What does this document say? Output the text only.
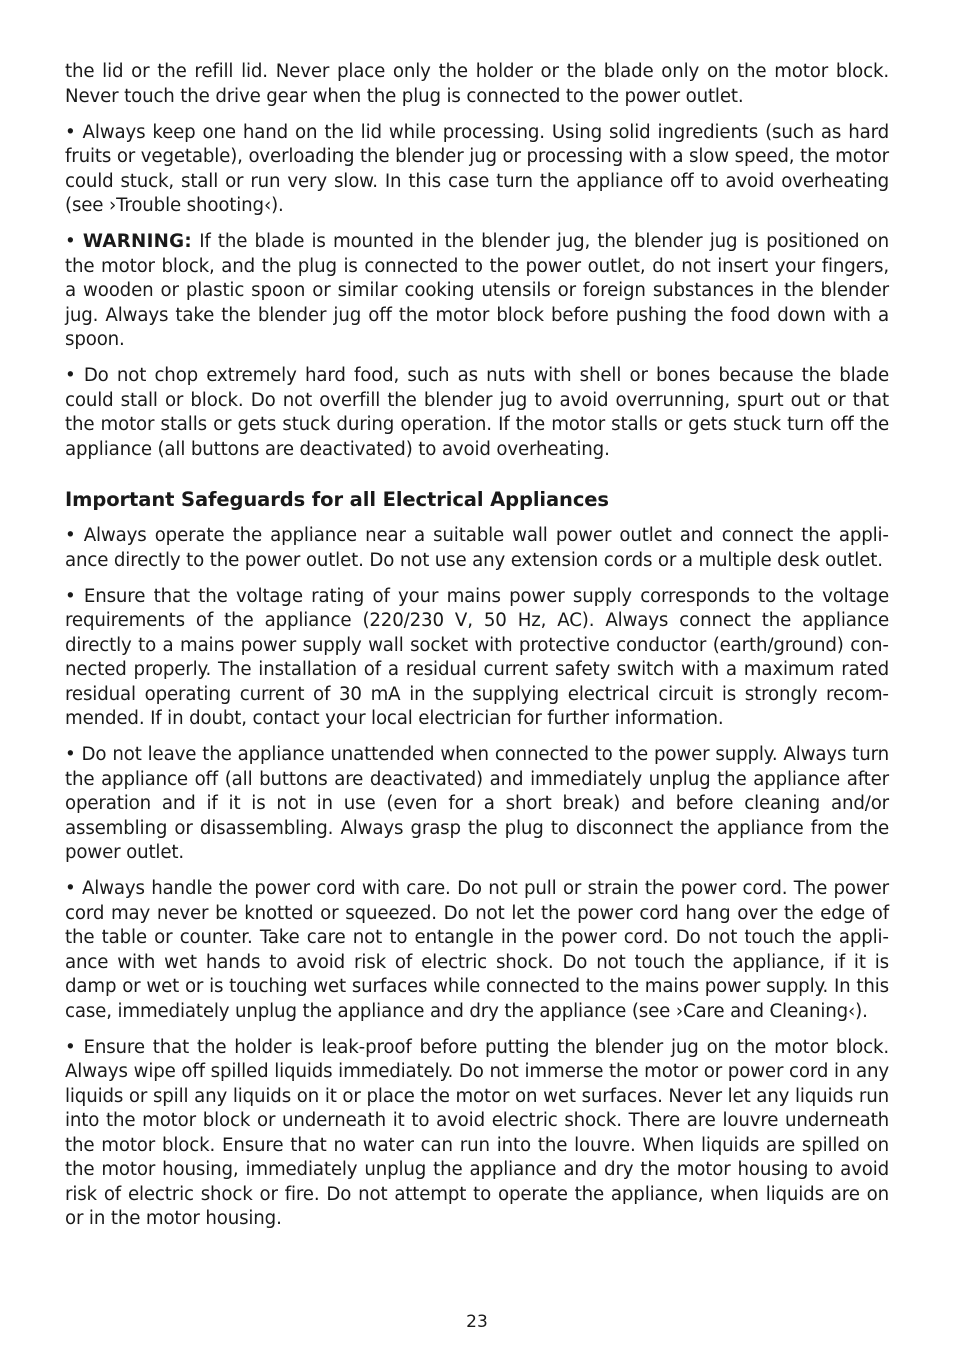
the lid or the refill lid. Never place only the holder or the blade only on the motor block. Never touch the drive gear when the plug is connected to the power outlet.

• Always keep one hand on the lid while processing. Using solid ingredients (such as hard fruits or vegetable), overloading the blender jug or processing with a slow speed, the motor could stuck, stall or run very slow. In this case turn the appliance off to avoid overheating (see ›Trouble shooting‹).

• WARNING: If the blade is mounted in the blender jug, the blender jug is positioned on the motor block, and the plug is connected to the power outlet, do not insert your fingers, a wooden or plastic spoon or similar cooking utensils or foreign substances in the blender jug. Always take the blender jug off the motor block before pushing the food down with a spoon.

• Do not chop extremely hard food, such as nuts with shell or bones because the blade could stall or block. Do not overfill the blender jug to avoid overrunning, spurt out or that the motor stalls or gets stuck during operation. If the motor stalls or gets stuck turn off the appliance (all buttons are deactivated) to avoid overheating.

Important Safeguards for all Electrical Appliances

• Always operate the appliance near a suitable wall power outlet and connect the appliance directly to the power outlet. Do not use any extension cords or a multiple desk outlet.

• Ensure that the voltage rating of your mains power supply corresponds to the voltage requirements of the appliance (220/230 V, 50 Hz, AC). Always connect the appliance directly to a mains power supply wall socket with protective conductor (earth/ground) connected properly. The installation of a residual current safety switch with a maximum rated residual operating current of 30 mA in the supplying electrical circuit is strongly recommended. If in doubt, contact your local electrician for further information.

• Do not leave the appliance unattended when connected to the power supply. Always turn the appliance off (all buttons are deactivated) and immediately unplug the appliance after operation and if it is not in use (even for a short break) and before cleaning and/or assembling or disassembling. Always grasp the plug to disconnect the appliance from the power outlet.

• Always handle the power cord with care. Do not pull or strain the power cord. The power cord may never be knotted or squeezed. Do not let the power cord hang over the edge of the table or counter. Take care not to entangle in the power cord. Do not touch the appliance with wet hands to avoid risk of electric shock. Do not touch the appliance, if it is damp or wet or is touching wet surfaces while connected to the mains power supply. In this case, immediately unplug the appliance and dry the appliance (see ›Care and Cleaning‹).

• Ensure that the holder is leak-proof before putting the blender jug on the motor block. Always wipe off spilled liquids immediately. Do not immerse the motor or power cord in any liquids or spill any liquids on it or place the motor on wet surfaces. Never let any liquids run into the motor block or underneath it to avoid electric shock. There are louvre underneath the motor block. Ensure that no water can run into the louvre. When liquids are spilled on the motor housing, immediately unplug the appliance and dry the motor housing to avoid risk of electric shock or fire. Do not attempt to operate the appliance, when liquids are on or in the motor housing.

23
